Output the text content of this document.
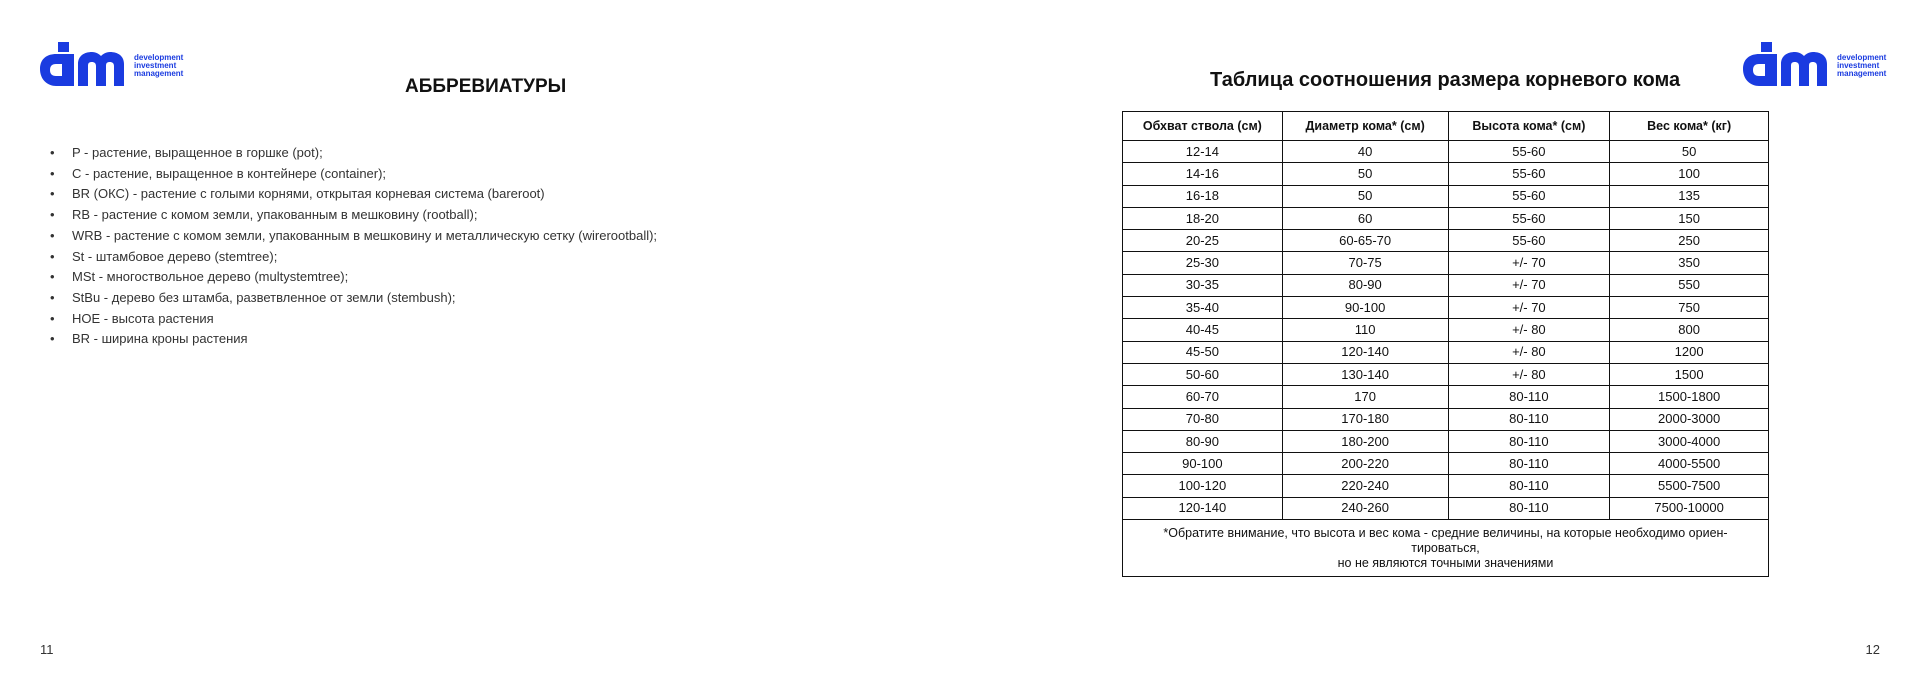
development
investment
management
АББРЕВИАТУРЫ
• P - растение, выращенное в горшке (pot);
• C - растение, выращенное в контейнере (container);
• BR (ОКС) - растение с голыми корнями, открытая корневая система (bareroot)
• RB - растение с комом земли, упакованным в мешковину (rootball);
• WRB - растение с комом земли, упакованным в мешковину и металлическую сетку (wirerootball);
• St - штамбовое дерево (stemtree);
• MSt - многоствольное дерево (multystemtree);
• StBu - дерево без штамба, разветвленное от земли (stembush);
• HOE - высота растения
• BR - ширина кроны растения
11
Таблица соотношения размера корневого кома
development
investment
management
Обхват ствола (см)	Диаметр кома* (см)	Высота кома* (см)	Вес кома* (кг)
12-14	40	55-60	50
14-16	50	55-60	100
16-18	50	55-60	135
18-20	60	55-60	150
20-25	60-65-70	55-60	250
25-30	70-75	+/- 70	350
30-35	80-90	+/- 70	550
35-40	90-100	+/- 70	750
40-45	110	+/- 80	800
45-50	120-140	+/- 80	1200
50-60	130-140	+/- 80	1500
60-70	170	80-110	1500-1800
70-80	170-180	80-110	2000-3000
80-90	180-200	80-110	3000-4000
90-100	200-220	80-110	4000-5500
100-120	220-240	80-110	5500-7500
120-140	240-260	80-110	7500-10000

*Обратите внимание, что высота и вес кома - средние величины, на которые необходимо ориен-
тироваться,
но не являются точными значениями			
12
